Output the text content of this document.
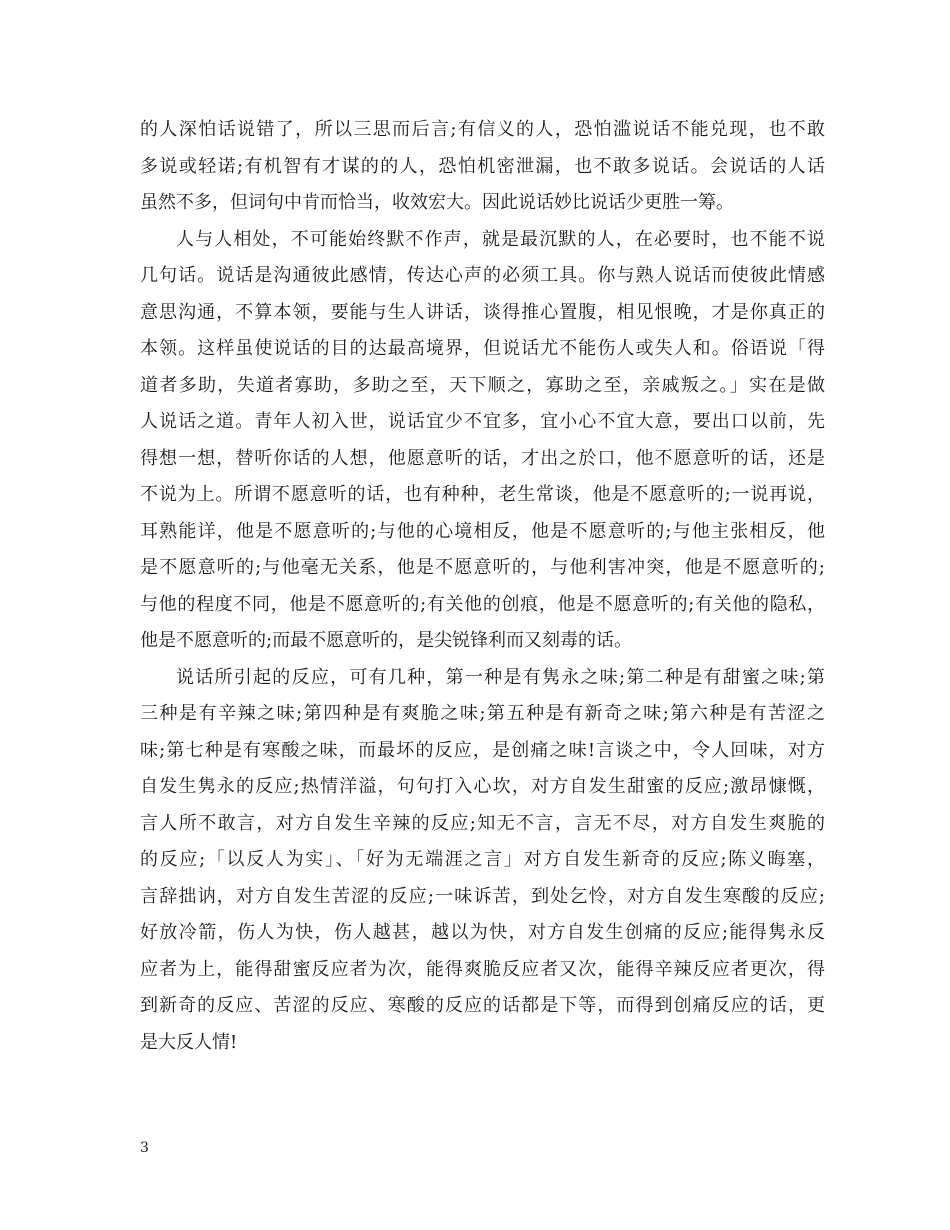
的人深怕话说错了，所以三思而后言;有信义的人，恐怕滥说话不能兑现，也不敢
多说或轻诺;有机智有才谋的的人，恐怕机密泄漏，也不敢多说话。会说话的人话
虽然不多，但词句中肯而恰当，收效宏大。因此说话妙比说话少更胜一筹。
人与人相处，不可能始终默不作声，就是最沉默的人，在必要时，也不能不说
几句话。说话是沟通彼此感情，传达心声的必须工具。你与熟人说话而使彼此情感
意思沟通，不算本领，要能与生人讲话，谈得推心置腹，相见恨晚，才是你真正的
本领。这样虽使说话的目的达最高境界，但说话尤不能伤人或失人和。俗语说「得
道者多助，失道者寡助，多助之至，天下顺之，寡助之至，亲戚叛之。」实在是做
人说话之道。青年人初入世，说话宜少不宜多，宜小心不宜大意，要出口以前，先
得想一想，替听你话的人想，他愿意听的话，才出之於口，他不愿意听的话，还是
不说为上。所谓不愿意听的话，也有种种，老生常谈，他是不愿意听的;一说再说，
耳熟能详，他是不愿意听的;与他的心境相反，他是不愿意听的;与他主张相反，他
是不愿意听的;与他毫无关系，他是不愿意听的，与他利害冲突，他是不愿意听的;
与他的程度不同，他是不愿意听的;有关他的创痕，他是不愿意听的;有关他的隐私，
他是不愿意听的;而最不愿意听的，是尖锐锋利而又刻毒的话。
说话所引起的反应，可有几种，第一种是有隽永之味;第二种是有甜蜜之味;第
三种是有辛辣之味;第四种是有爽脆之味;第五种是有新奇之味;第六种是有苦涩之
味;第七种是有寒酸之味，而最坏的反应，是创痛之味!言谈之中，令人回味，对方
自发生隽永的反应;热情洋溢，句句打入心坎，对方自发生甜蜜的反应;激昂慷慨，
言人所不敢言，对方自发生辛辣的反应;知无不言，言无不尽，对方自发生爽脆的
的反应;「以反人为实」、「好为无端涯之言」对方自发生新奇的反应;陈义晦塞，
言辞拙讷，对方自发生苦涩的反应;一味诉苦，到处乞怜，对方自发生寒酸的反应;
好放冷箭，伤人为快，伤人越甚，越以为快，对方自发生创痛的反应;能得隽永反
应者为上，能得甜蜜反应者为次，能得爽脆反应者又次，能得辛辣反应者更次，得
到新奇的反应、苦涩的反应、寒酸的反应的话都是下等，而得到创痛反应的话，更
是大反人情!
3
